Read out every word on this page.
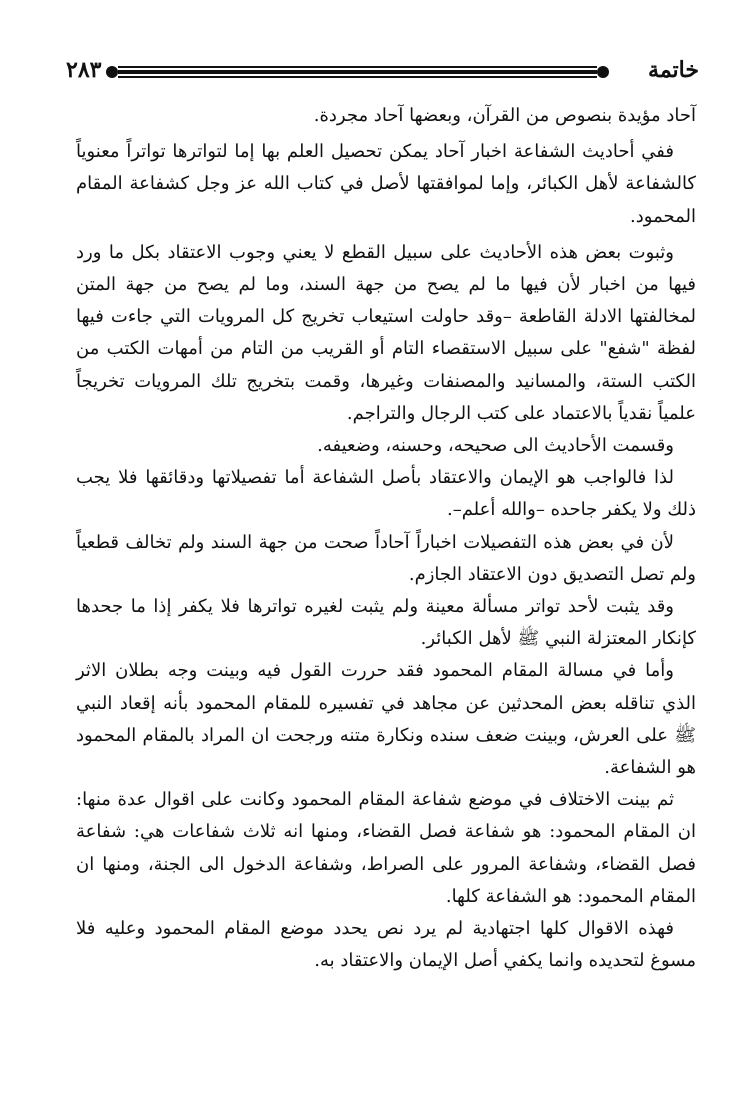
خاتمة
٢٨٣

آحاد مؤيدة بنصوص من القرآن، وبعضها آحاد مجردة.

ففي أحاديث الشفاعة اخبار آحاد يمكن تحصيل العلم بها إما لتواترها تواتراً معنوياً كالشفاعة لأهل الكبائر، وإما لموافقتها لأصل في كتاب الله عز وجل كشفاعة المقام المحمود.

وثبوت بعض هذه الأحاديث على سبيل القطع لا يعني وجوب الاعتقاد بكل ما ورد فيها من اخبار لأن فيها ما لم يصح من جهة السند، وما لم يصح من جهة المتن لمخالفتها الادلة القاطعة –وقد حاولت استيعاب تخريج كل المرويات التي جاءت فيها لفظة "شفع" على سبيل الاستقصاء التام أو القريب من التام من أمهات الكتب من الكتب الستة، والمسانيد والمصنفات وغيرها، وقمت بتخريج تلك المرويات تخريجاً علمياً نقدياً بالاعتماد على كتب الرجال والتراجم.

وقسمت الأحاديث الى صحيحه، وحسنه، وضعيفه.

لذا فالواجب هو الإيمان والاعتقاد بأصل الشفاعة أما تفصيلاتها ودقائقها فلا يجب ذلك ولا يكفر جاحده –والله أعلم–.

لأن في بعض هذه التفصيلات اخباراً آحاداً صحت من جهة السند ولم تخالف قطعياً ولم تصل التصديق دون الاعتقاد الجازم.

وقد يثبت لأحد تواتر مسألة معينة ولم يثبت لغيره تواترها فلا يكفر إذا ما جحدها كإنكار المعتزلة النبي ﷺ لأهل الكبائر.

وأما في مسالة المقام المحمود فقد حررت القول فيه وبينت وجه بطلان الاثر الذي تناقله بعض المحدثين عن مجاهد في تفسيره للمقام المحمود بأنه إقعاد النبي ﷺ على العرش، وبينت ضعف سنده ونكارة متنه ورجحت ان المراد بالمقام المحمود هو الشفاعة.

ثم بينت الاختلاف في موضع شفاعة المقام المحمود وكانت على اقوال عدة منها: ان المقام المحمود: هو شفاعة فصل القضاء، ومنها انه ثلاث شفاعات هي: شفاعة فصل القضاء، وشفاعة المرور على الصراط، وشفاعة الدخول الى الجنة، ومنها ان المقام المحمود: هو الشفاعة كلها.

فهذه الاقوال كلها اجتهادية لم يرد نص يحدد موضع المقام المحمود وعليه فلا مسوغ لتحديده وانما يكفي أصل الإيمان والاعتقاد به.
